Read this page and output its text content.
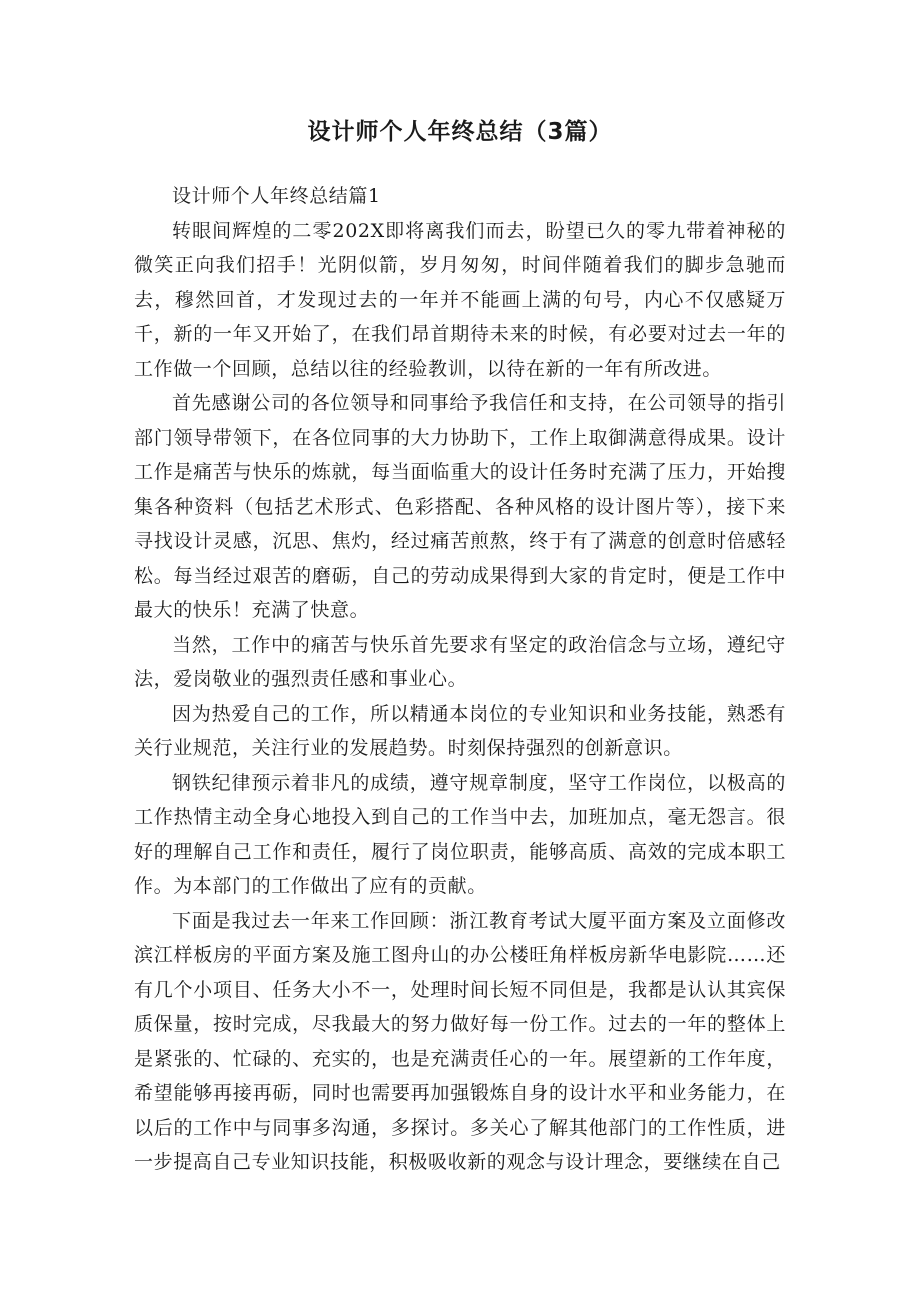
设计师个人年终总结（3篇）

设计师个人年终总结篇1

转眼间辉煌的二零202X即将离我们而去，盼望已久的零九带着神秘的微笑正向我们招手！光阴似箭，岁月匆匆，时间伴随着我们的脚步急驰而去，穆然回首，才发现过去的一年并不能画上满的句号，内心不仅感疑万千，新的一年又开始了，在我们昂首期待未来的时候，有必要对过去一年的工作做一个回顾，总结以往的经验教训，以待在新的一年有所改进。

首先感谢公司的各位领导和同事给予我信任和支持，在公司领导的指引部门领导带领下，在各位同事的大力协助下，工作上取御满意得成果。设计工作是痛苦与快乐的炼就，每当面临重大的设计任务时充满了压力，开始搜集各种资料（包括艺术形式、色彩搭配、各种风格的设计图片等），接下来寻找设计灵感，沉思、焦灼，经过痛苦煎熬，终于有了满意的创意时倍感轻松。每当经过艰苦的磨砺，自己的劳动成果得到大家的肯定时，便是工作中最大的快乐！充满了快意。

当然，工作中的痛苦与快乐首先要求有坚定的政治信念与立场，遵纪守法，爱岗敬业的强烈责任感和事业心。

因为热爱自己的工作，所以精通本岗位的专业知识和业务技能，熟悉有关行业规范，关注行业的发展趋势。时刻保持强烈的创新意识。

钢铁纪律预示着非凡的成绩，遵守规章制度，坚守工作岗位，以极高的工作热情主动全身心地投入到自己的工作当中去，加班加点，毫无怨言。很好的理解自己工作和责任，履行了岗位职责，能够高质、高效的完成本职工作。为本部门的工作做出了应有的贡献。

下面是我过去一年来工作回顾：浙江教育考试大厦平面方案及立面修改滨江样板房的平面方案及施工图舟山的办公楼旺角样板房新华电影院……还有几个小项目、任务大小不一，处理时间长短不同但是，我都是认认其宾保质保量，按时完成，尽我最大的努力做好每一份工作。过去的一年的整体上是紧张的、忙碌的、充实的，也是充满责任心的一年。展望新的工作年度，希望能够再接再砺，同时也需要再加强锻炼自身的设计水平和业务能力，在以后的工作中与同事多沟通，多探讨。多关心了解其他部门的工作性质，进一步提高自己专业知识技能，积极吸收新的观念与设计理念，要继续在自己
